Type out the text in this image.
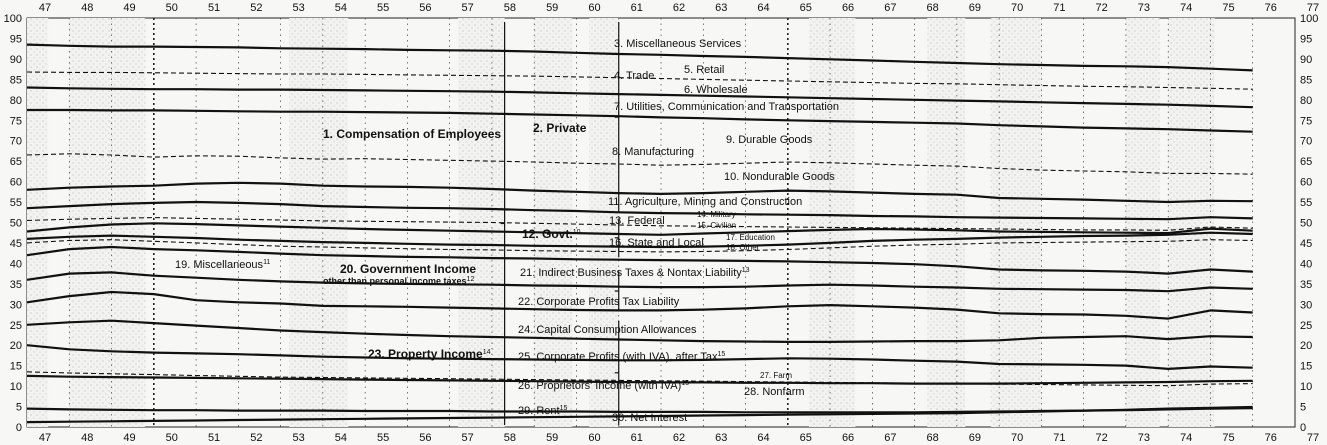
47
47
48
48
49
49
50
50
51
51
52
52
53
53
54
54
55
55
56
56
57
57
58
58
59
59
60
60
61
61
62
62
63
63
64
64
65
65
66
66
67
67
68
68
69
69
70
70
71
71
72
72
73
73
74
74
75
75
76
76
77
77
0	0
5	5
10	10
15	15
20	20
25	25
30	30
35	35
40	40
45	45
50	50
55	55
60	60
65	65
70	70
75	75
80	80
85	85
90	90
95	95
100	100
1. Compensation of Employees	2. Private
3. Miscellaneous Services
4. Trade	5. Retail
6. Wholesale
7. Utilities, Communication and Transportation
8. Manufacturing
9. Durable Goods
10. Nondurable Goods
11. Agriculture, Mining and Construction
12. Govt.$^{10}$
13. Federal
14. Military
15. Civilian
16. State and Local	17. Education
18. Other
19. Miscellaneous$^{11}$	20. Government Income
other than personal income taxes12
21. Indirect Business Taxes & Nontax Liability$^{13}$
22. Corporate Profits Tax Liability
23. Property Income$^{14}$
24. Capital Consumption Allowances
25. Corporate Profits (with IVA), after Tax$^{15}$
26. Proprietors' Income (with IVA)$^{15}$
27. Farm
28. Nonfarm
29. Rent$^{15}$
30. Net Interest
